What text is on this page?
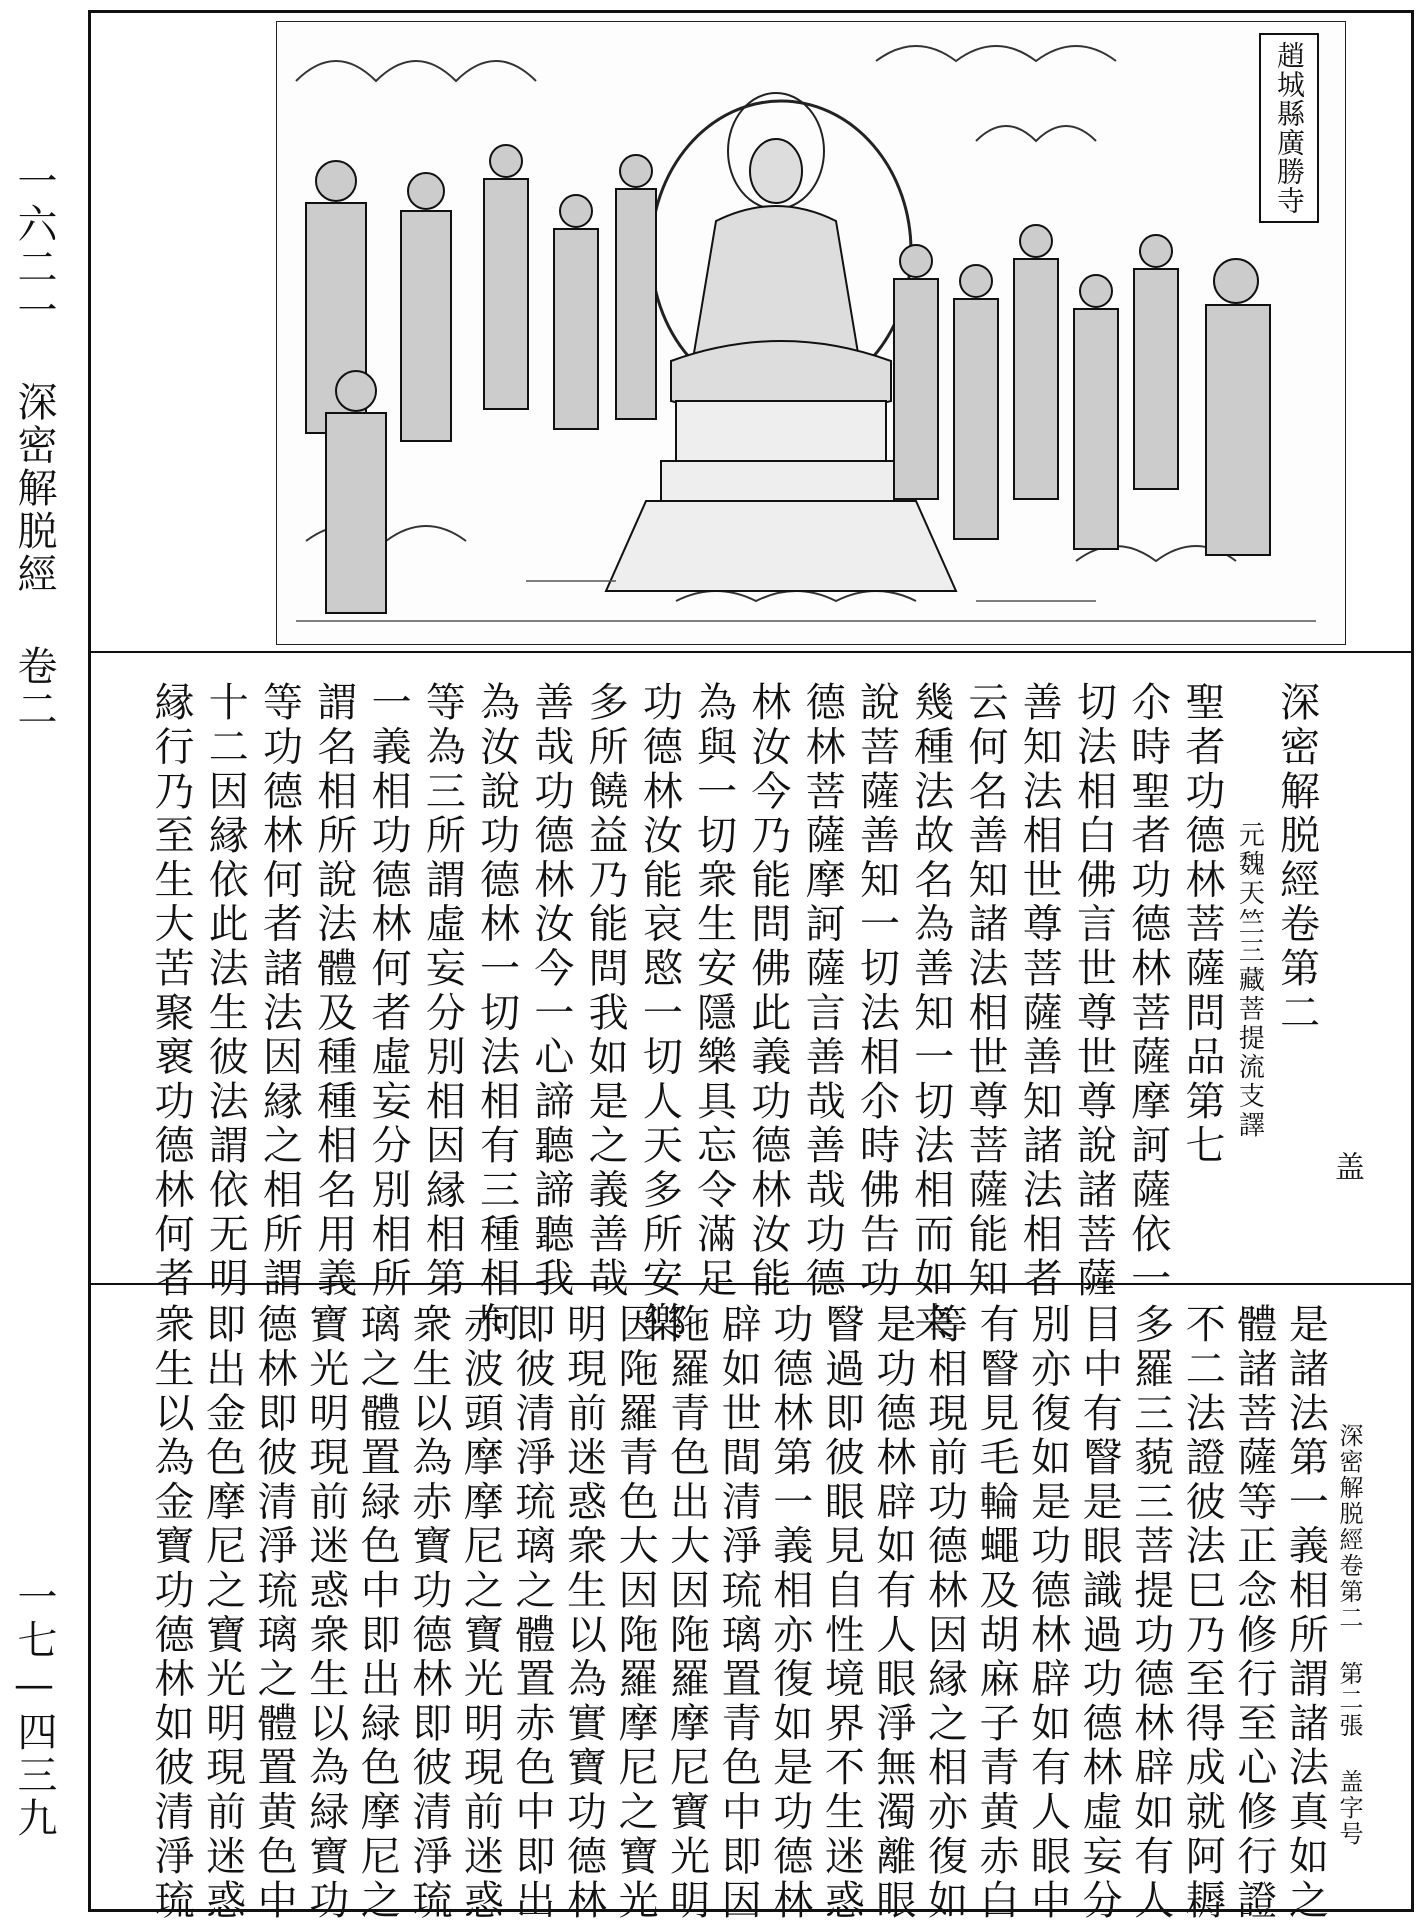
一六二一 深密解脱經 卷二
一七—四三九
趙城縣廣勝寺
盖
深密解脱經卷第二
元魏天竺三藏菩提流支譯
聖者功德林菩薩問品第七
尒時聖者功德林菩薩摩訶薩依一
切法相白佛言世尊世尊說諸菩薩
善知法相世尊菩薩善知諸法相者
云何名善知諸法相世尊菩薩能知
幾種法故名為善知一切法相而如来
說菩薩善知一切法相尒時佛告功
德林菩薩摩訶薩言善哉善哉功德
林汝今乃能問佛此義功德林汝能
為與一切衆生安隱樂具忘令滿足
功德林汝能哀愍一切人天多所安樂
多所饒益乃能問我如是之義善哉
善哉功德林汝今一心諦聽諦聽我
為汝說功德林一切法相有三種相何
等為三所謂虛妄分別相因縁相第
一義相功德林何者虛妄分別相所
謂名相所說法體及種種相名用義
等功德林何者諸法因縁之相所謂
十二因縁依此法生彼法謂依无明
縁行乃至生大苦聚褱功德林何者
深密解脱經卷第二 第二張 盖字号
是諸法第一義相所謂諸法真如之
體諸菩薩等正念修行至心修行證
不二法證彼法巳乃至得成就阿耨
多羅三藐三菩提功德林辟如有人
目中有瞖是眼識過功德林虛妄分
別亦復如是功德林辟如有人眼中
有瞖見毛輪蠅及胡麻子青黄赤白
等相現前功德林因縁之相亦復如
是功德林辟如有人眼淨無濁離眼
瞖過即彼眼見自性境界不生迷惑
功德林第一義相亦復如是功德林
辟如世間清淨琉璃置青色中即因
陁羅青色出大因陁羅摩尼寶光明
因陁羅青色大因陁羅摩尼之寶光
明現前迷惑衆生以為實寶功德林
即彼清淨琉璃之體置赤色中即出
赤波頭摩摩尼之寶光明現前迷惑
衆生以為赤寶功德林即彼清淨琉
璃之體置緑色中即出緑色摩尼之
寶光明現前迷惑衆生以為緑寶功
德林即彼清淨琉璃之體置黄色中
即出金色摩尼之寶光明現前迷惑
衆生以為金寶功德林如彼清淨琉
